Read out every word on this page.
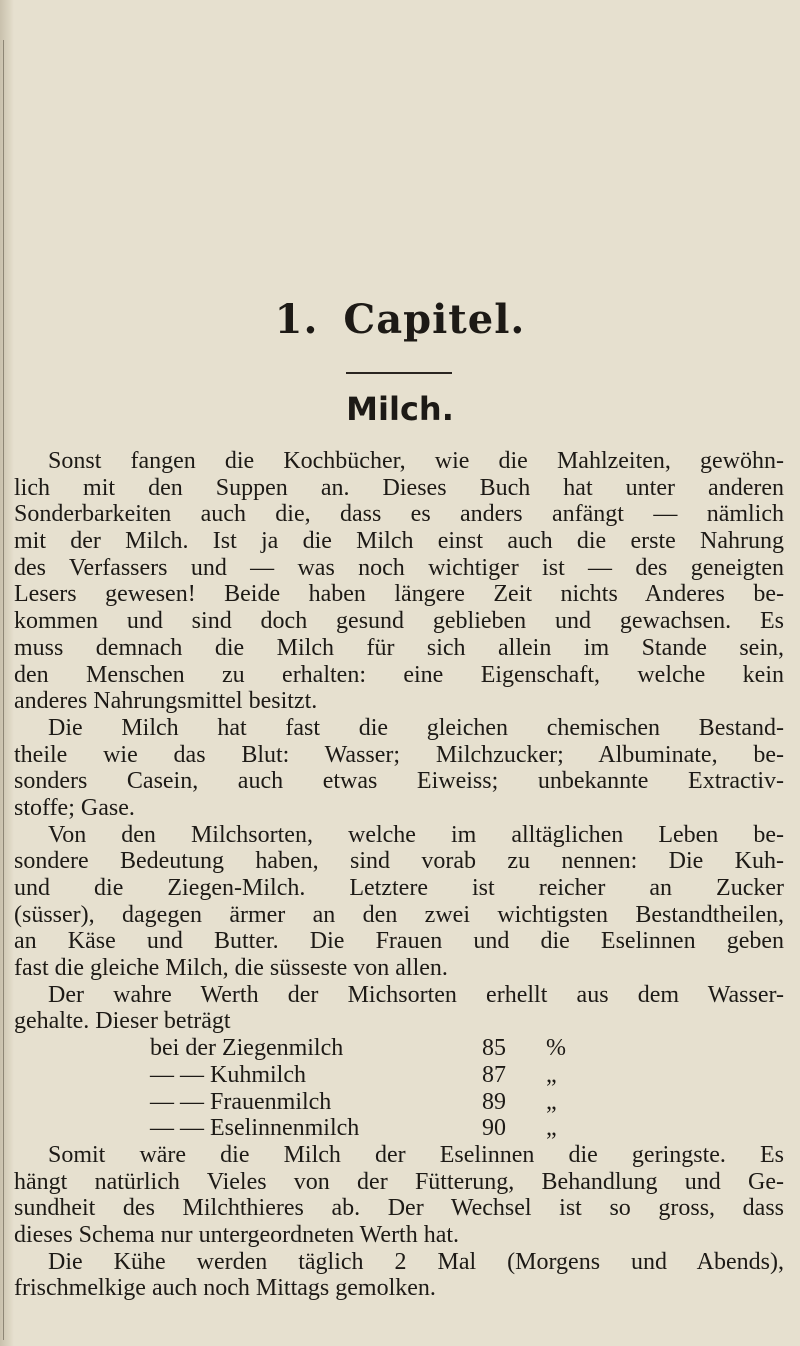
1. Capitel.
Milch.
Sonst fangen die Kochbücher, wie die Mahlzeiten, gewöhn-
lich mit den Suppen an. Dieses Buch hat unter anderen
Sonderbarkeiten auch die, dass es anders anfängt — nämlich
mit der Milch. Ist ja die Milch einst auch die erste Nahrung
des Verfassers und — was noch wichtiger ist — des geneigten
Lesers gewesen! Beide haben längere Zeit nichts Anderes be-
kommen und sind doch gesund geblieben und gewachsen. Es
muss demnach die Milch für sich allein im Stande sein,
den Menschen zu erhalten: eine Eigenschaft, welche kein
anderes Nahrungsmittel besitzt.
Die Milch hat fast die gleichen chemischen Bestand-
theile wie das Blut: Wasser; Milchzucker; Albuminate, be-
sonders Casein, auch etwas Eiweiss; unbekannte Extractiv-
stoffe; Gase.
Von den Milchsorten, welche im alltäglichen Leben be-
sondere Bedeutung haben, sind vorab zu nennen: Die Kuh-
und die Ziegen-Milch. Letztere ist reicher an Zucker
(süsser), dagegen ärmer an den zwei wichtigsten Bestandtheilen,
an Käse und Butter. Die Frauen und die Eselinnen geben
fast die gleiche Milch, die süsseste von allen.
Der wahre Werth der Michsorten erhellt aus dem Wasser-
gehalte. Dieser beträgt
bei der Ziegenmilch	85 %
— — Kuhmilch	87 „
— — Frauenmilch	89 „
— — Eselinnenmilch	90 „
Somit wäre die Milch der Eselinnen die geringste. Es
hängt natürlich Vieles von der Fütterung, Behandlung und Ge-
sundheit des Milchthieres ab. Der Wechsel ist so gross, dass
dieses Schema nur untergeordneten Werth hat.
Die Kühe werden täglich 2 Mal (Morgens und Abends),
frischmelkige auch noch Mittags gemolken.
